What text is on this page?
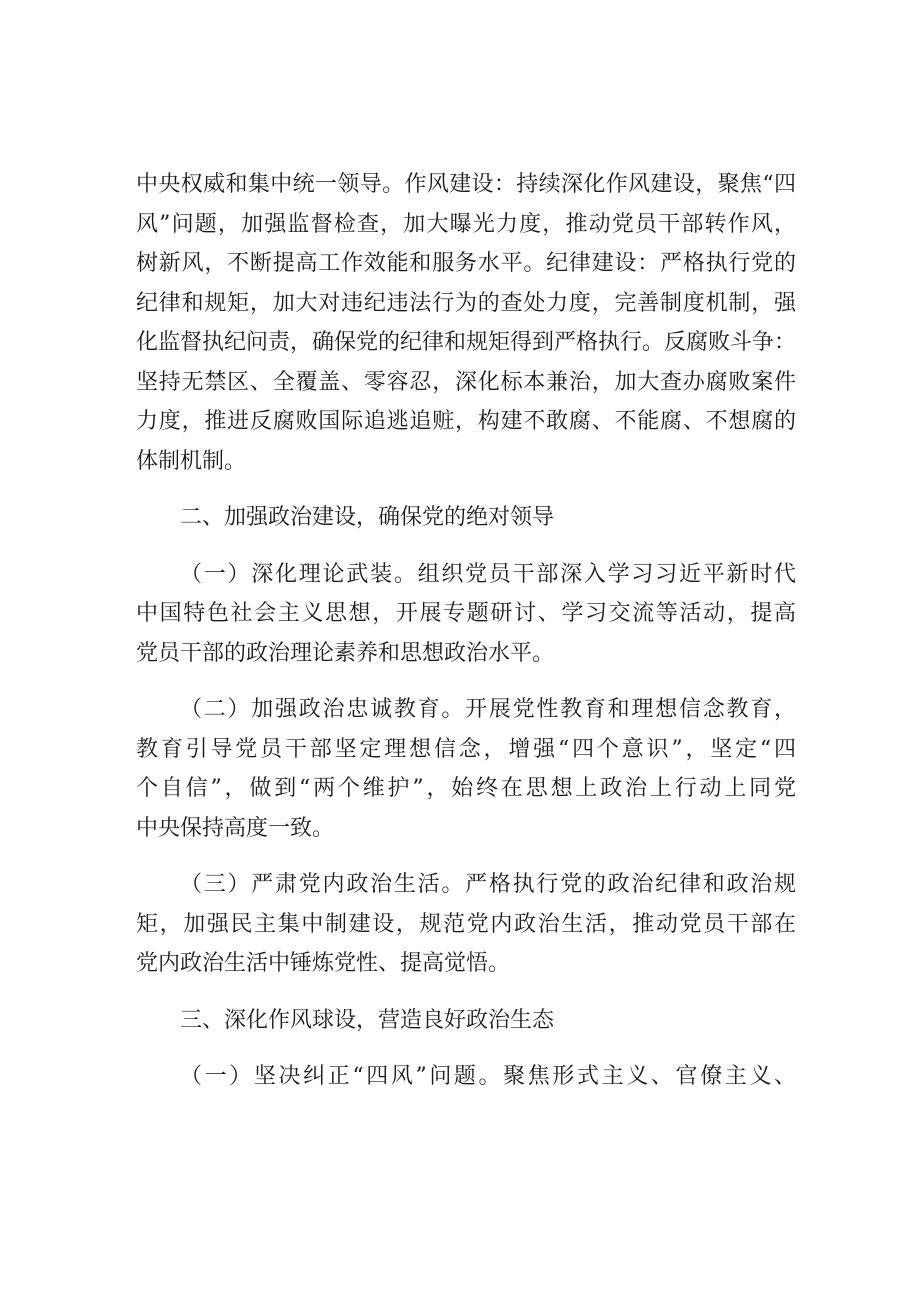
中央权威和集中统一领导。作风建设：持续深化作风建设，聚焦“四
风”问题，加强监督检查，加大曝光力度，推动党员干部转作风，
树新风，不断提高工作效能和服务水平。纪律建设：严格执行党的
纪律和规矩，加大对违纪违法行为的查处力度，完善制度机制，强
化监督执纪问责，确保党的纪律和规矩得到严格执行。反腐败斗争：
坚持无禁区、全覆盖、零容忍，深化标本兼治，加大查办腐败案件
力度，推进反腐败国际追逃追赃，构建不敢腐、不能腐、不想腐的
体制机制。
二、加强政治建设，确保党的绝对领导
（一）深化理论武装。组织党员干部深入学习习近平新时代
中国特色社会主义思想，开展专题研讨、学习交流等活动，提高
党员干部的政治理论素养和思想政治水平。
（二）加强政治忠诚教育。开展党性教育和理想信念教育，
教育引导党员干部坚定理想信念，增强“四个意识”，坚定“四
个自信”，做到“两个维护”，始终在思想上政治上行动上同党
中央保持高度一致。
（三）严肃党内政治生活。严格执行党的政治纪律和政治规
矩，加强民主集中制建设，规范党内政治生活，推动党员干部在
党内政治生活中锤炼党性、提高觉悟。
三、深化作风球设，营造良好政治生态
（一）坚决纠正“四风”问题。聚焦形式主义、官僚主义、
